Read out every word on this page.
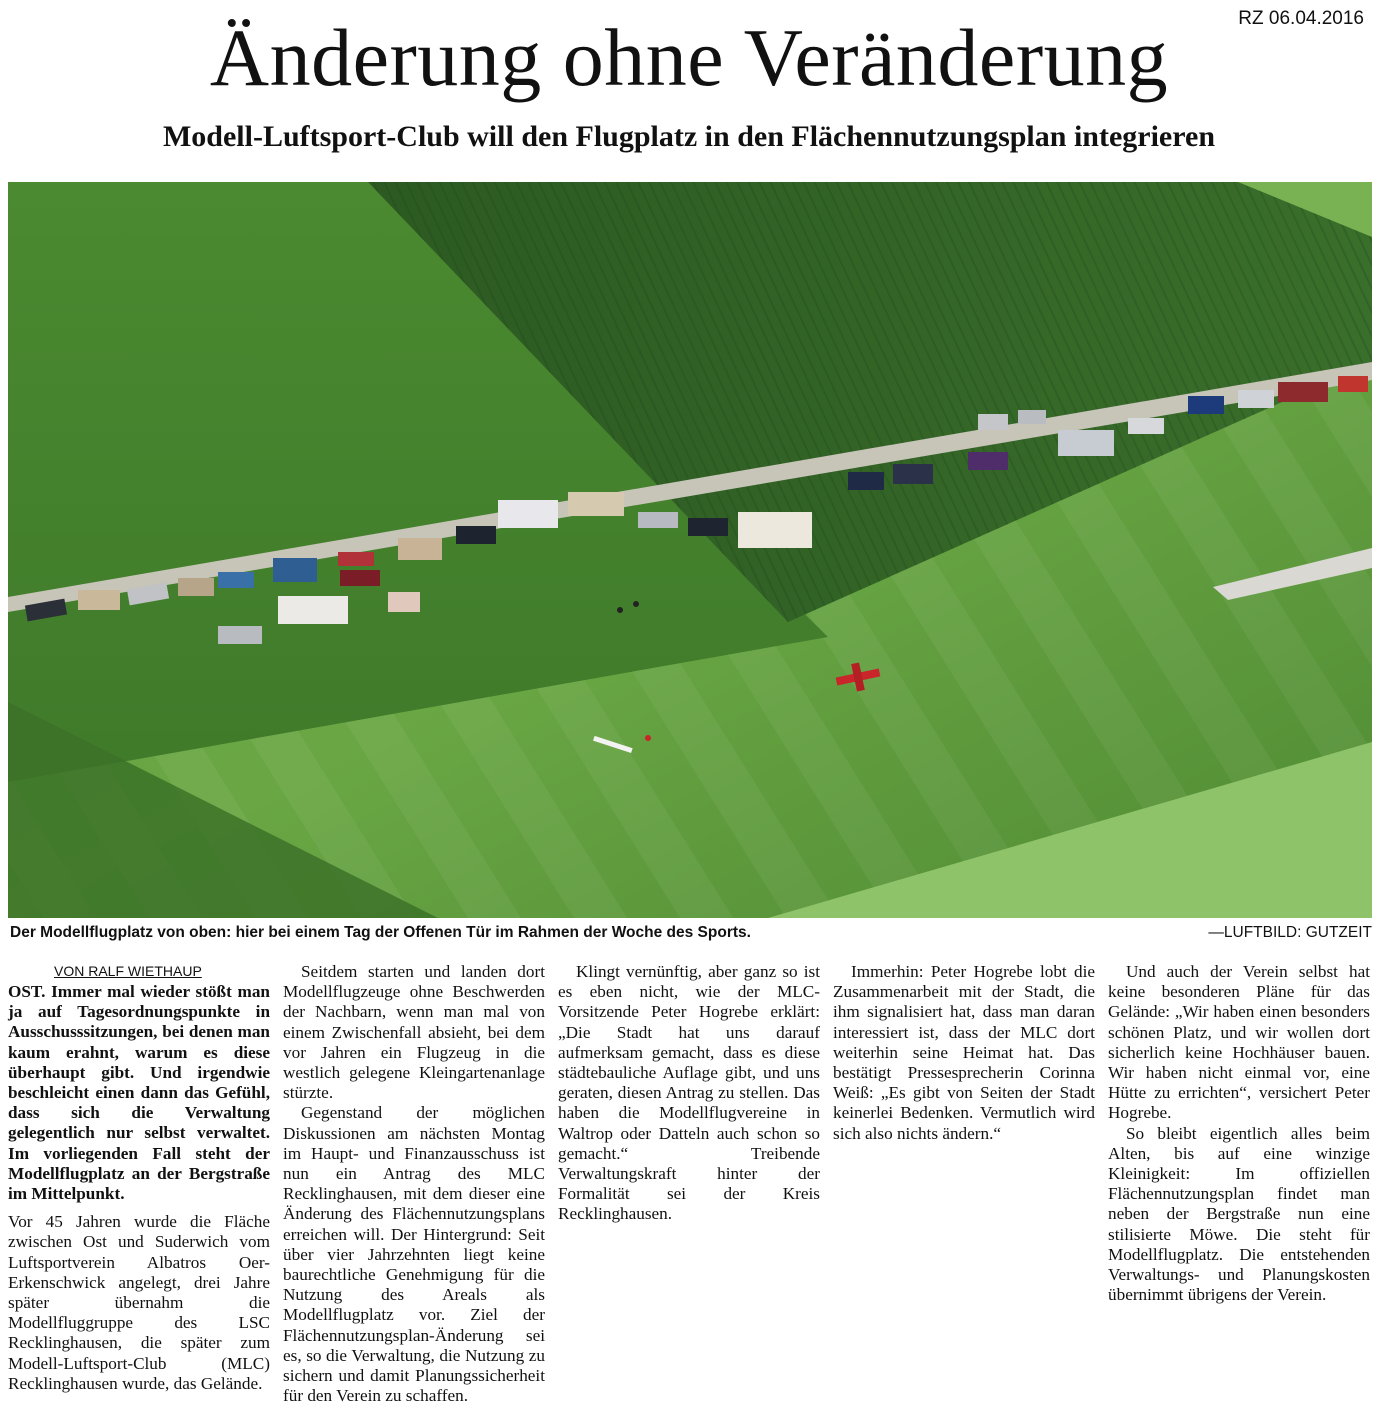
RZ 06.04.2016
Änderung ohne Veränderung
Modell-Luftsport-Club will den Flugplatz in den Flächennutzungsplan integrieren
Der Modellflugplatz von oben: hier bei einem Tag der Offenen Tür im Rahmen der Woche des Sports.	—LUFTBILD: GUTZEIT

VON RALF WIETHAUP

OST. Immer mal wieder stößt man ja auf Tagesordnungspunkte in Ausschusssitzungen, bei denen man kaum erahnt, warum es diese überhaupt gibt. Und irgendwie beschleicht einen dann das Gefühl, dass sich die Verwaltung gelegentlich nur selbst verwaltet. Im vorliegenden Fall steht der Modellflugplatz an der Bergstraße im Mittelpunkt.

Vor 45 Jahren wurde die Fläche zwischen Ost und Suderwich vom Luftsportverein Albatros Oer-Erkenschwick angelegt, drei Jahre später übernahm die Modellfluggruppe des LSC Recklinghausen, die später zum Modell-Luftsport-Club (MLC) Recklinghausen wurde, das Gelände.

Seitdem starten und landen dort Modellflugzeuge ohne Beschwerden der Nachbarn, wenn man mal von einem Zwischenfall absieht, bei dem vor Jahren ein Flugzeug in die westlich gelegene Kleingartenanlage stürzte.

Gegenstand der möglichen Diskussionen am nächsten Montag im Haupt- und Finanzausschuss ist nun ein Antrag des MLC Recklinghausen, mit dem dieser eine Änderung des Flächennutzungsplans erreichen will. Der Hintergrund: Seit über vier Jahrzehnten liegt keine baurechtliche Genehmigung für die Nutzung des Areals als Modellflugplatz vor. Ziel der Flächennutzungsplan-Änderung sei es, so die Verwaltung, die Nutzung zu sichern und damit Planungssicherheit für den Verein zu schaffen.

Klingt vernünftig, aber ganz so ist es eben nicht, wie der MLC-Vorsitzende Peter Hogrebe erklärt: „Die Stadt hat uns darauf aufmerksam gemacht, dass es diese städtebauliche Auflage gibt, und uns geraten, diesen Antrag zu stellen. Das haben die Modellflugvereine in Waltrop oder Datteln auch schon so gemacht.“ Treibende Verwaltungskraft hinter der Formalität sei der Kreis Recklinghausen.

Immerhin: Peter Hogrebe lobt die Zusammenarbeit mit der Stadt, die ihm signalisiert hat, dass man daran interessiert ist, dass der MLC dort weiterhin seine Heimat hat. Das bestätigt Pressesprecherin Corinna Weiß: „Es gibt von Seiten der Stadt keinerlei Bedenken. Vermutlich wird sich also nichts ändern.“

Und auch der Verein selbst hat keine besonderen Pläne für das Gelände: „Wir haben einen besonders schönen Platz, und wir wollen dort sicherlich keine Hochhäuser bauen. Wir haben nicht einmal vor, eine Hütte zu errichten“, versichert Peter Hogrebe.

So bleibt eigentlich alles beim Alten, bis auf eine winzige Kleinigkeit: Im offiziellen Flächennutzungsplan findet man neben der Bergstraße nun eine stilisierte Möwe. Die steht für Modellflugplatz. Die entstehenden Verwaltungs- und Planungskosten übernimmt übrigens der Verein.
